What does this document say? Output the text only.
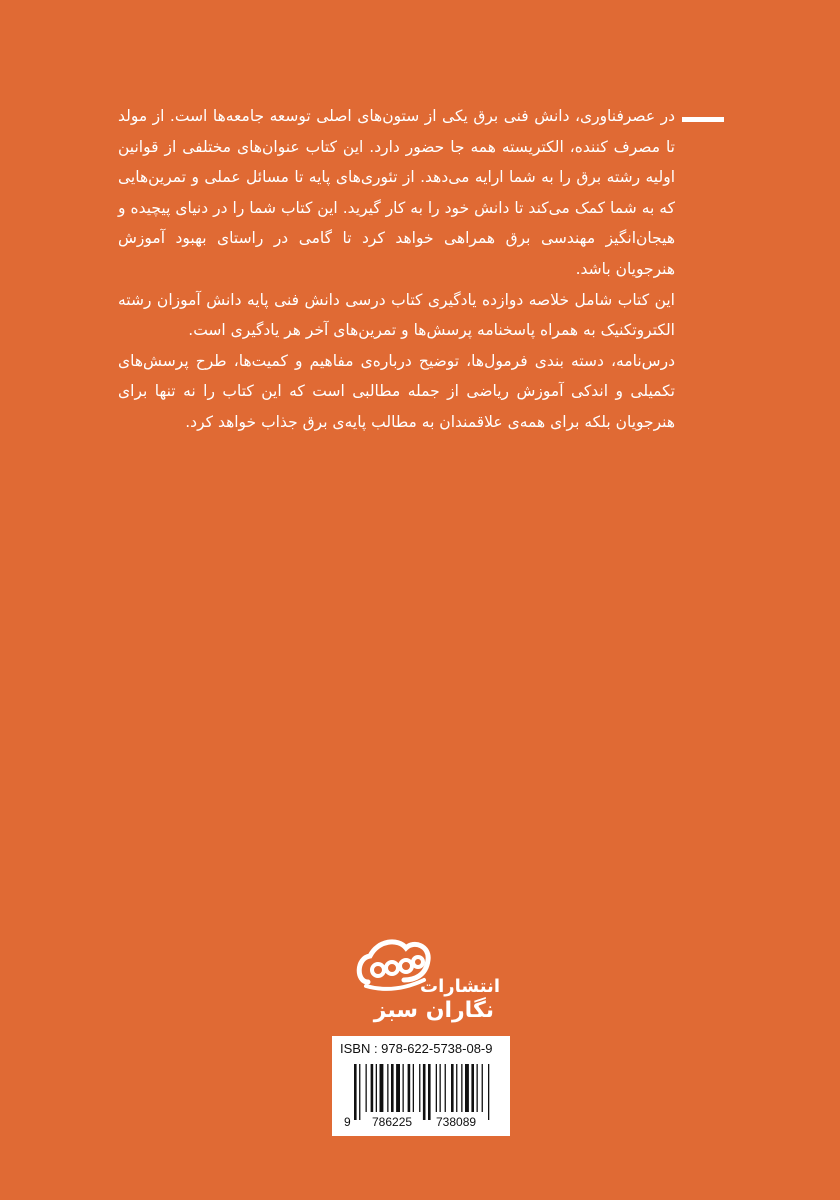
در عصرفناوری، دانش فنی برق یکی از ستون‌های اصلی توسعه جامعه‌ها است. از مولد تا مصرف کننده، الکتریسته همه جا حضور دارد. این کتاب عنوان‌های مختلفی از قوانین اولیه رشته برق را به شما ارایه می‌دهد. از تئوری‌های پایه تا مسائل عملی و تمرین‌هایی که به شما کمک می‌کند تا دانش خود را به کار گیرید. این کتاب شما را در دنیای پیچیده و هیجان‌انگیز مهندسی برق همراهی خواهد کرد تا گامی در راستای بهبود آموزش هنرجویان باشد.

این کتاب شامل خلاصه دوازده یادگیری کتاب درسی دانش فنی پایه دانش آموزان رشته الکتروتکنیک به همراه پاسخنامه پرسش‌ها و تمرین‌های آخر هر یادگیری است.

درس‌نامه، دسته بندی فرمول‌ها، توضیح درباره‌ی مفاهیم و کمیت‌ها، طرح پرسش‌های تکمیلی و اندکی آموزش ریاضی از جمله مطالبی است که این کتاب را نه تنها برای هنرجویان بلکه برای همه‌ی علاقمندان به مطالب پایه‌ی برق جذاب خواهد کرد.

انتشارات
نگاران سبز
ISBN : 978-622-5738-08-9
9 786225 738089
